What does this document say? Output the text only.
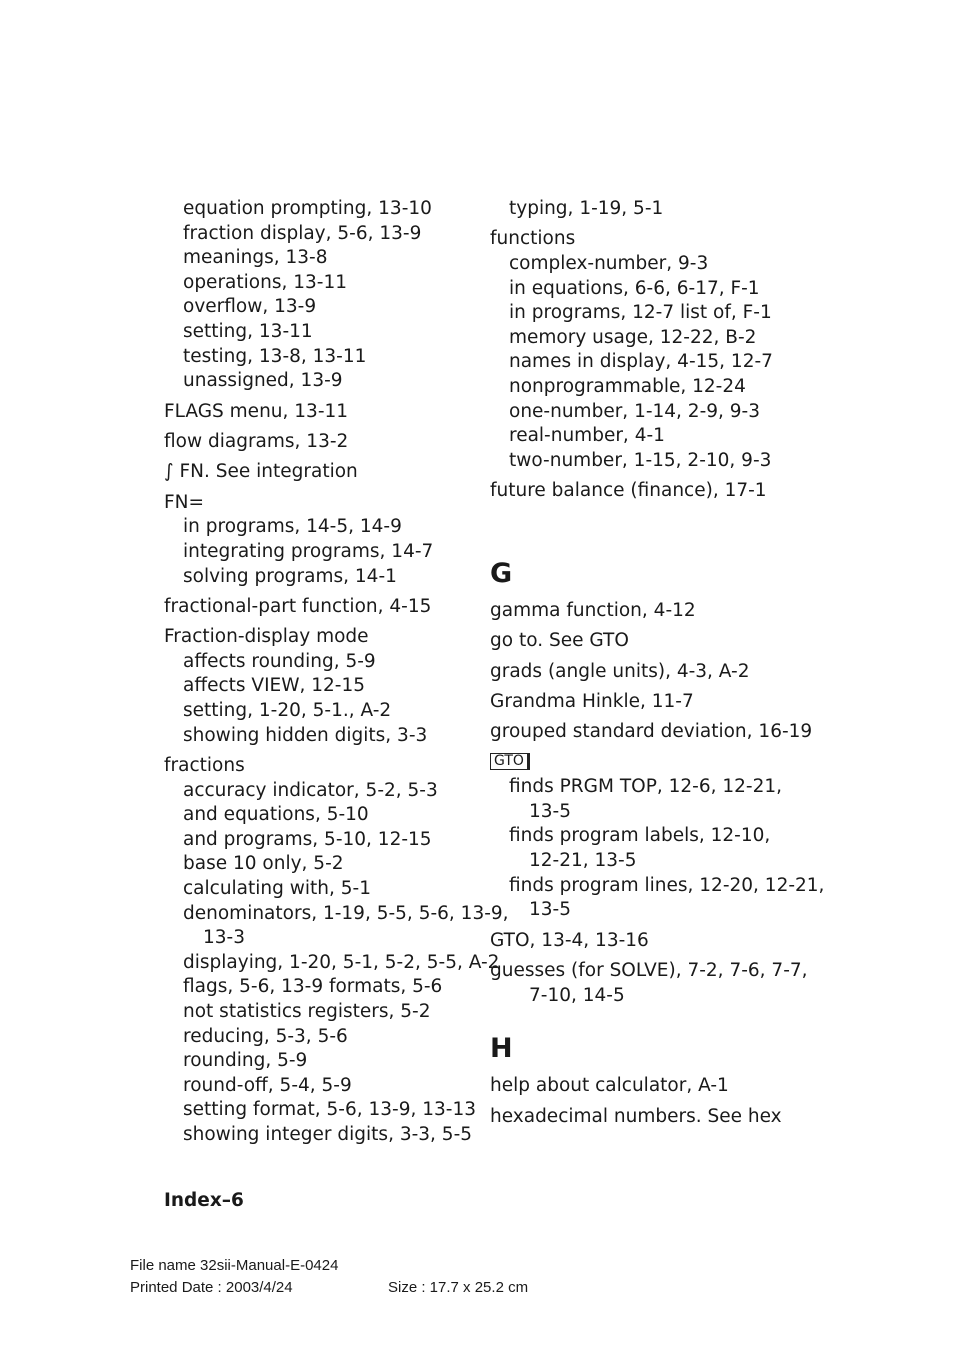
equation prompting, 13-10
fraction display, 5-6, 13-9
meanings, 13-8
operations, 13-11
overflow, 13-9
setting, 13-11
testing, 13-8, 13-11
unassigned, 13-9
FLAGS menu, 13-11
flow diagrams, 13-2
∫ FN. See integration
FN=
in programs, 14-5, 14-9
integrating programs, 14-7
solving programs, 14-1
fractional-part function, 4-15
Fraction-display mode
affects rounding, 5-9
affects VIEW, 12-15
setting, 1-20, 5-1., A-2
showing hidden digits, 3-3
fractions
accuracy indicator, 5-2, 5-3
and equations, 5-10
and programs, 5-10, 12-15
base 10 only, 5-2
calculating with, 5-1
denominators, 1-19, 5-5, 5-6, 13-9,
13-3
displaying, 1-20, 5-1, 5-2, 5-5, A-2
flags, 5-6, 13-9 formats, 5-6
not statistics registers, 5-2
reducing, 5-3, 5-6
rounding, 5-9
round-off, 5-4, 5-9
setting format, 5-6, 13-9, 13-13
showing integer digits, 3-3, 5-5
typing, 1-19, 5-1
functions
complex-number, 9-3
in equations, 6-6, 6-17, F-1
in programs, 12-7 list of, F-1
memory usage, 12-22, B-2
names in display, 4-15, 12-7
nonprogrammable, 12-24
one-number, 1-14, 2-9, 9-3
real-number, 4-1
two-number, 1-15, 2-10, 9-3
future balance (finance), 17-1
G
gamma function, 4-12
go to. See GTO
grads (angle units), 4-3, A-2
Grandma Hinkle, 11-7
grouped standard deviation, 16-19
GTO
finds PRGM TOP, 12-6, 12-21,
13-5
finds program labels, 12-10,
12-21, 13-5
finds program lines, 12-20, 12-21,
13-5
GTO, 13-4, 13-16
guesses (for SOLVE), 7-2, 7-6, 7-7,
7-10, 14-5
H
help about calculator, A-1
hexadecimal numbers. See hex
Index–6
File name 32sii-Manual-E-0424
Printed Date : 2003/4/24	Size : 17.7 x 25.2 cm
